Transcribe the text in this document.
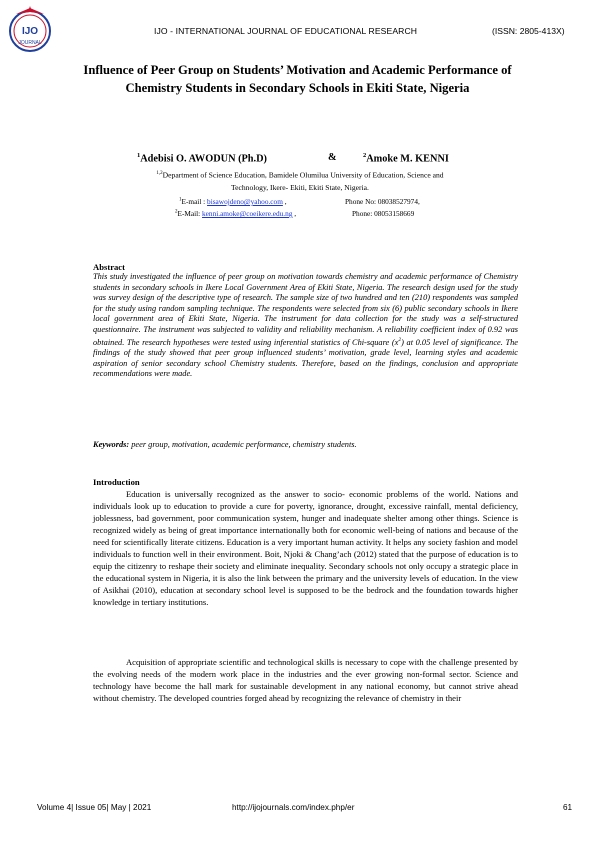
IJO
JOURNAL
IJO - INTERNATIONAL JOURNAL OF EDUCATIONAL RESEARCH	(ISSN: 2805-413X)
Influence of Peer Group on Students’ Motivation and Academic Performance of Chemistry Students in Secondary Schools in Ekiti State, Nigeria
$^1$Adebisi O. AWODUN (Ph.D)	&	$^2$Amoke M. KENNI
$^{1,2}$Department of Science Education, Bamidele Olumilua University of Education, Science and
Technology, Ikere- Ekiti, Ekiti State, Nigeria.
$^1$E-mail : bisawojdeno@yahoo.com ,	Phone No: 08038527974,
$^2$E-Mail: kenni.amoke@coeikere.edu.ng ,	Phone: 08053158669
Abstract
This study investigated the influence of peer group on motivation towards chemistry and academic performance of Chemistry students in secondary schools in Ikere Local Government Area of Ekiti State, Nigeria. The research design used for the study was survey design of the descriptive type of research. The sample size of two hundred and ten (210) respondents was sampled for the study using random sampling technique. The respondents were selected from six (6) public secondary schools in Ikere local government area of Ekiti State, Nigeria. The instrument for data collection for the study was a self-structured questionnaire. The instrument was subjected to validity and reliability mechanism. A reliability coefficient index of 0.92 was obtained. The research hypotheses were tested using inferential statistics of Chi-square $(x^2)$ at 0.05 level of significance. The findings of the study showed that peer group influenced students’ motivation, grade level, learning styles and academic aspiration of senior secondary school Chemistry students. Therefore, based on the findings, conclusion and appropriate recommendations were made.
Keywords: peer group, motivation, academic performance, chemistry students.
Introduction
Education is universally recognized as the answer to socio- economic problems of the world. Nations and individuals look up to education to provide a cure for poverty, ignorance, drought, excessive rainfall, mental deficiency, joblessness, bad government, poor communication system, hunger and inadequate shelter among other things. Science is recognized widely as being of great importance internationally both for economic well-being of nations and because of the need for scientifically literate citizens. Education is a very important human activity. It helps any society fashion and model individuals to function well in their environment. Boit, Njoki & Chang’ach (2012) stated that the purpose of education is to equip the citizenry to reshape their society and eliminate inequality. Secondary schools not only occupy a strategic place in the educational system in Nigeria, it is also the link between the primary and the university levels of education. In the view of Asikhai (2010), education at secondary school level is supposed to be the bedrock and the foundation towards higher knowledge in tertiary institutions.
Acquisition of appropriate scientific and technological skills is necessary to cope with the challenge presented by the evolving needs of the modern work place in the industries and the ever growing non-formal sector. Science and technology have become the hall mark for sustainable development in any national economy, but cannot strive ahead without chemistry. The developed countries forged ahead by recognizing the relevance of chemistry in their
Volume 4| Issue 05| May | 2021	http://ijojournals.com/index.php/er	61
